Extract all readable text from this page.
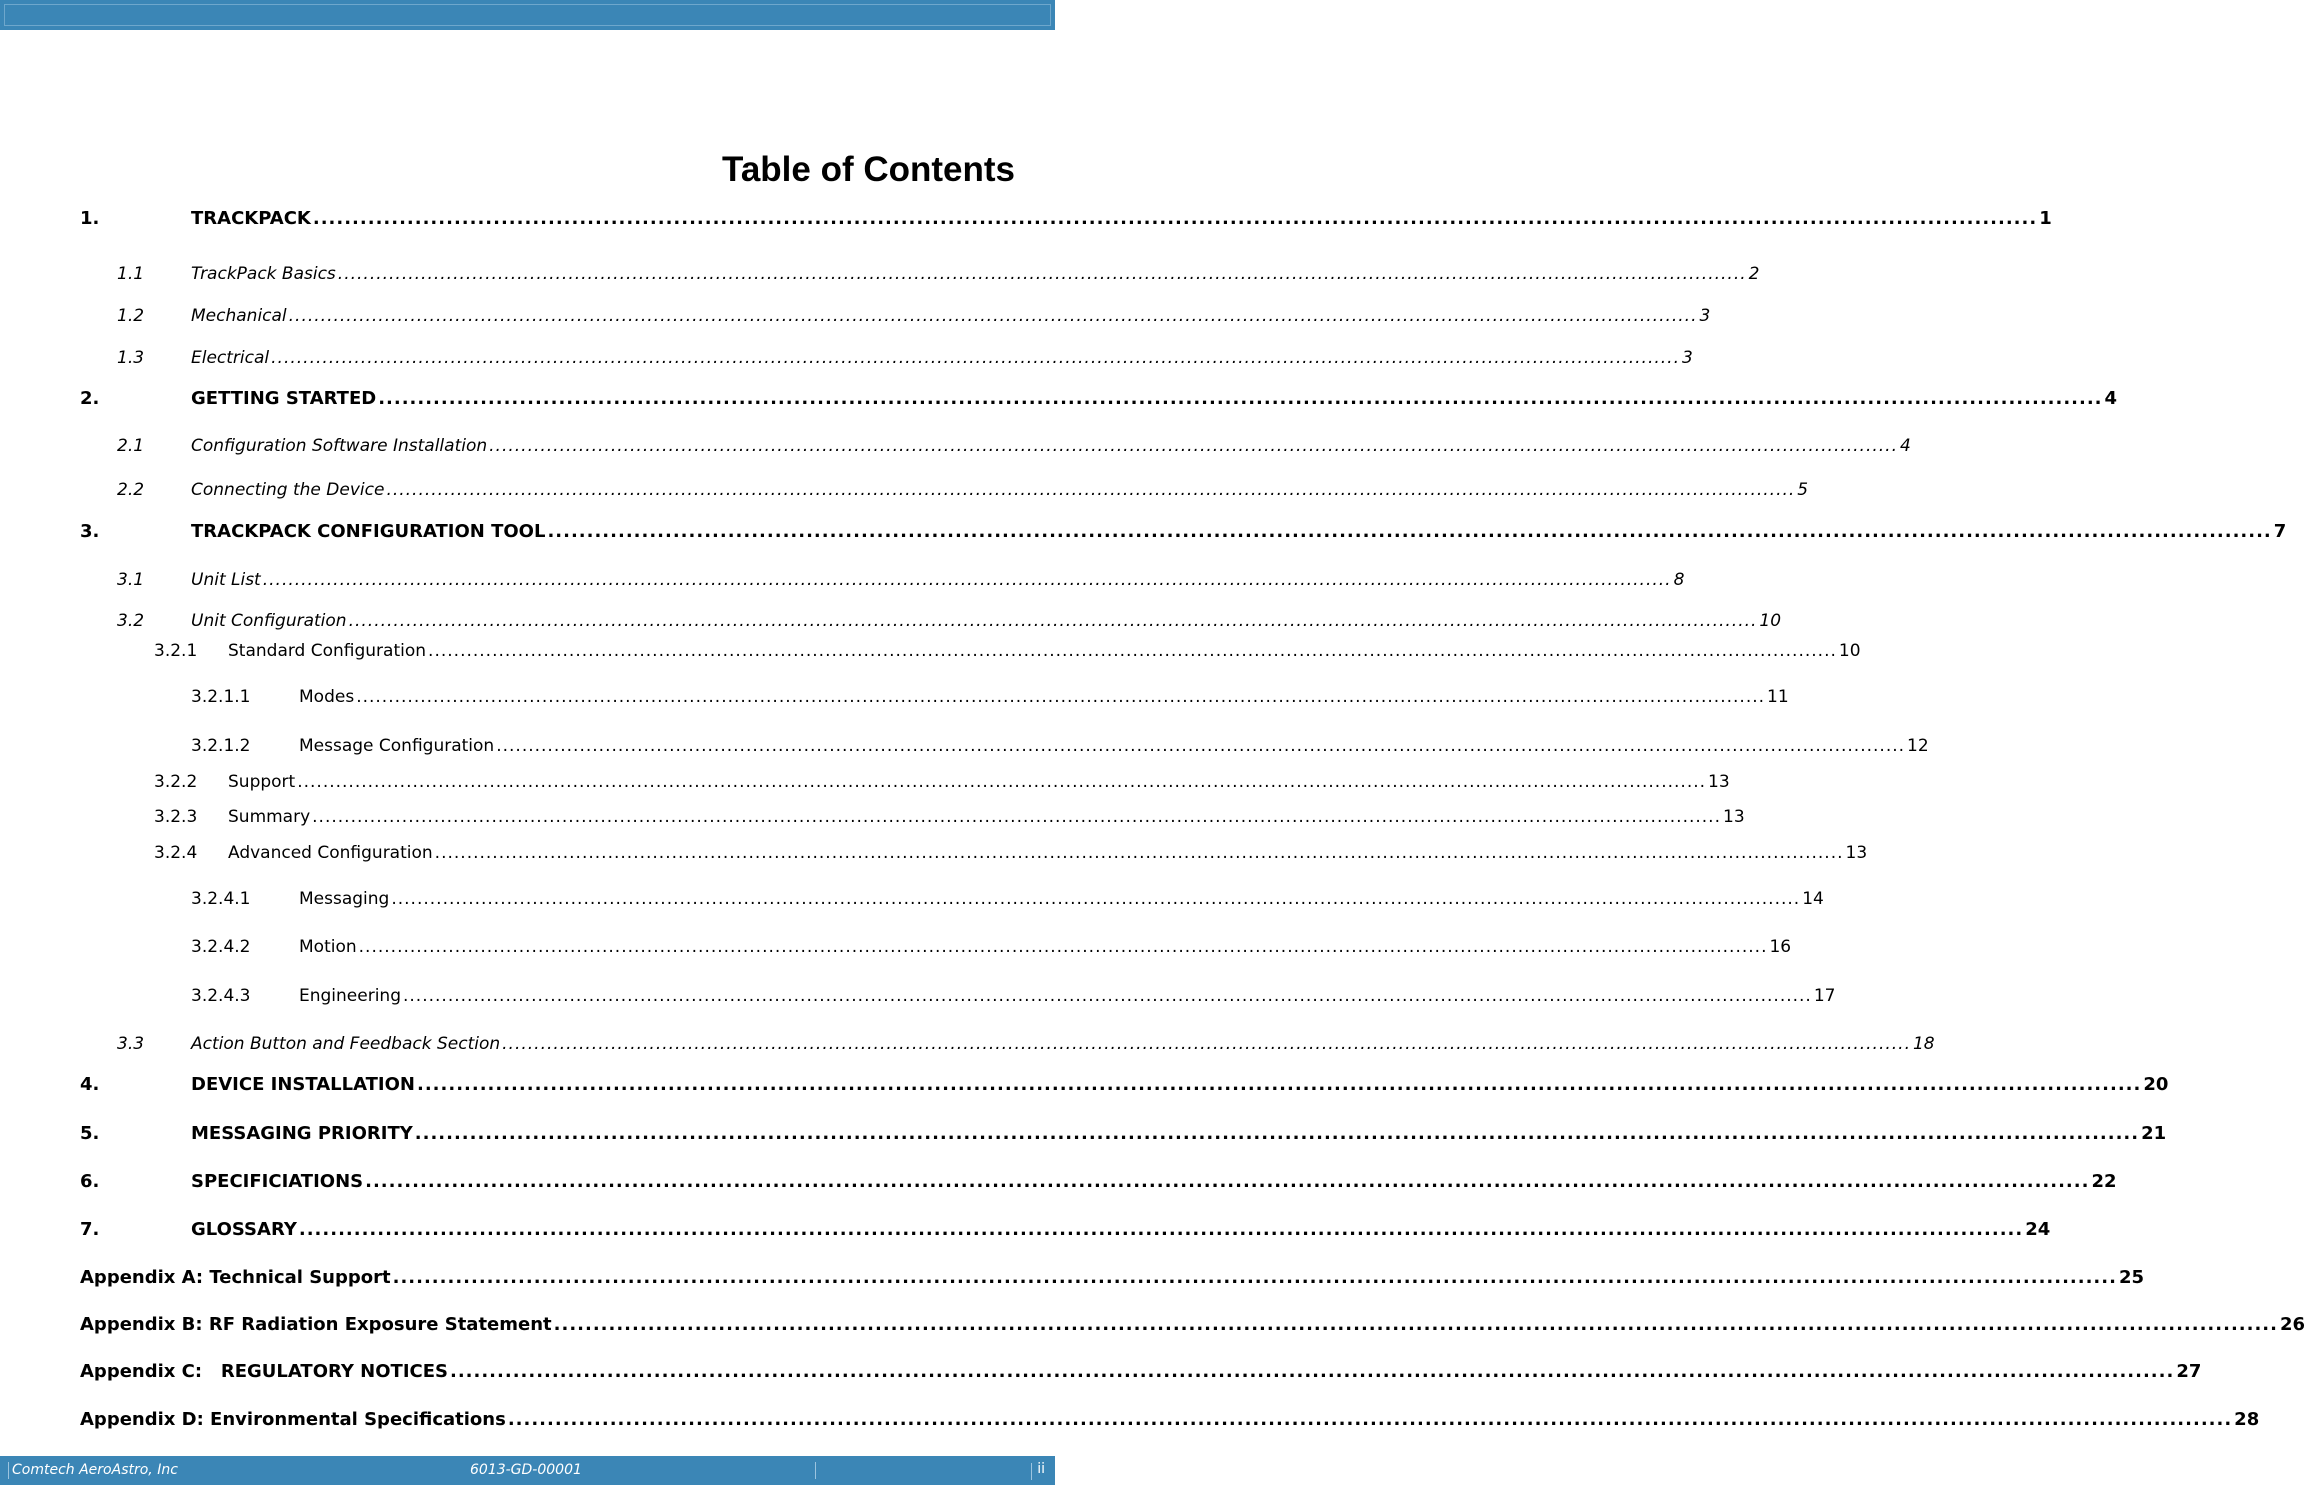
Table of Contents
1.	TRACKPACK ............................................................................................................................................................................................................................ 1
1.1	TrackPack Basics ............................................................................................................................................................................................................................ 2
1.2	Mechanical ............................................................................................................................................................................................................................ 3
1.3	Electrical ............................................................................................................................................................................................................................ 3
2.	GETTING STARTED ............................................................................................................................................................................................................................ 4
2.1	Configuration Software Installation ............................................................................................................................................................................................................................ 4
2.2	Connecting the Device ............................................................................................................................................................................................................................ 5
3.	TRACKPACK CONFIGURATION TOOL ............................................................................................................................................................................................................................ 7
3.1	Unit List ............................................................................................................................................................................................................................ 8
3.2	Unit Configuration ............................................................................................................................................................................................................................ 10
3.2.1	Standard Configuration ............................................................................................................................................................................................................................ 10
3.2.1.1	Modes ............................................................................................................................................................................................................................ 11
3.2.1.2	Message Configuration ............................................................................................................................................................................................................................ 12
3.2.2	Support ............................................................................................................................................................................................................................ 13
3.2.3	Summary ............................................................................................................................................................................................................................ 13
3.2.4	Advanced Configuration ............................................................................................................................................................................................................................ 13
3.2.4.1	Messaging ............................................................................................................................................................................................................................ 14
3.2.4.2	Motion ............................................................................................................................................................................................................................ 16
3.2.4.3	Engineering ............................................................................................................................................................................................................................ 17
3.3	Action Button and Feedback Section ............................................................................................................................................................................................................................ 18
4.	DEVICE INSTALLATION ............................................................................................................................................................................................................................ 20
5.	MESSAGING PRIORITY ............................................................................................................................................................................................................................ 21
6.	SPECIFICIATIONS ............................................................................................................................................................................................................................ 22
7.	GLOSSARY ............................................................................................................................................................................................................................ 24
Appendix A: Technical Support ............................................................................................................................................................................................................................ 25
Appendix B: RF Radiation Exposure Statement ............................................................................................................................................................................................................................ 26
Appendix C:   REGULATORY NOTICES ............................................................................................................................................................................................................................ 27
Appendix D: Environmental Specifications ............................................................................................................................................................................................................................ 28
Comtech AeroAstro, Inc	6013-GD-00001	ii
